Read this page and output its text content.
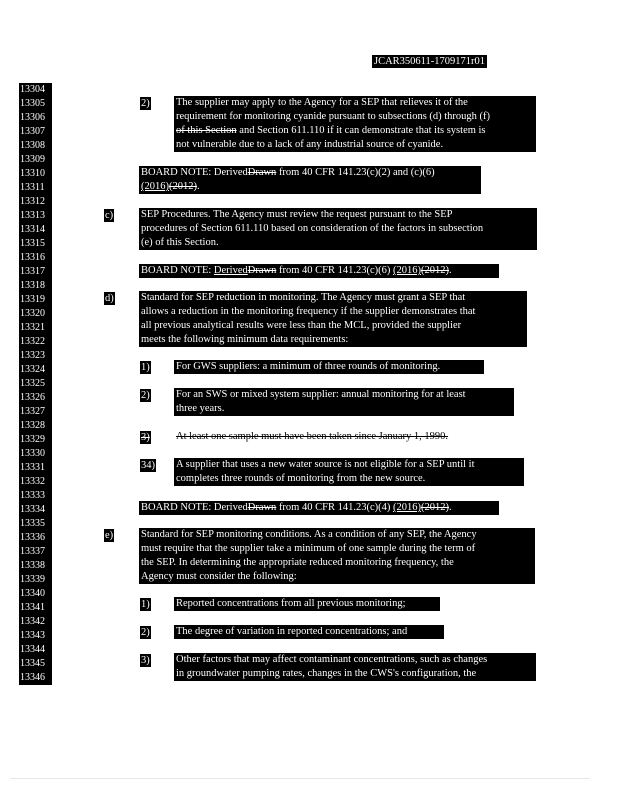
JCAR350611-1709171r01
13304
13305
13306
13307
13308
13309
13310
13311
13312
13313
13314
13315
13316
13317
13318
13319
13320
13321
13322
13323
13324
13325
13326
13327
13328
13329
13330
13331
13332
13333
13334
13335
13336
13337
13338
13339
13340
13341
13342
13343
13344
13345
13346
2)	The supplier may apply to the Agency for a SEP that relieves it of the
requirement for monitoring cyanide pursuant to subsections (d) through (f)
of this Section and Section 611.110 if it can demonstrate that its system is
not vulnerable due to a lack of any industrial source of cyanide.
BOARD NOTE: DerivedDrawn from 40 CFR 141.23(c)(2) and (c)(6)
(2016)(2012).
c)	SEP Procedures. The Agency must review the request pursuant to the SEP
procedures of Section 611.110 based on consideration of the factors in subsection
(e) of this Section.
BOARD NOTE: DerivedDrawn from 40 CFR 141.23(c)(6) (2016)(2012).
d)	Standard for SEP reduction in monitoring. The Agency must grant a SEP that
allows a reduction in the monitoring frequency if the supplier demonstrates that
all previous analytical results were less than the MCL, provided the supplier
meets the following minimum data requirements:
1)	For GWS suppliers: a minimum of three rounds of monitoring.
2)	For an SWS or mixed system supplier: annual monitoring for at least
three years.
3)	At least one sample must have been taken since January 1, 1990.
34) A supplier that uses a new water source is not eligible for a SEP until it
completes three rounds of monitoring from the new source.
BOARD NOTE: DerivedDrawn from 40 CFR 141.23(c)(4) (2016)(2012).
e)	Standard for SEP monitoring conditions. As a condition of any SEP, the Agency
must require that the supplier take a minimum of one sample during the term of
the SEP. In determining the appropriate reduced monitoring frequency, the
Agency must consider the following:
1)	Reported concentrations from all previous monitoring;
2)	The degree of variation in reported concentrations; and
3)	Other factors that may affect contaminant concentrations, such as changes
in groundwater pumping rates, changes in the CWS's configuration, the
